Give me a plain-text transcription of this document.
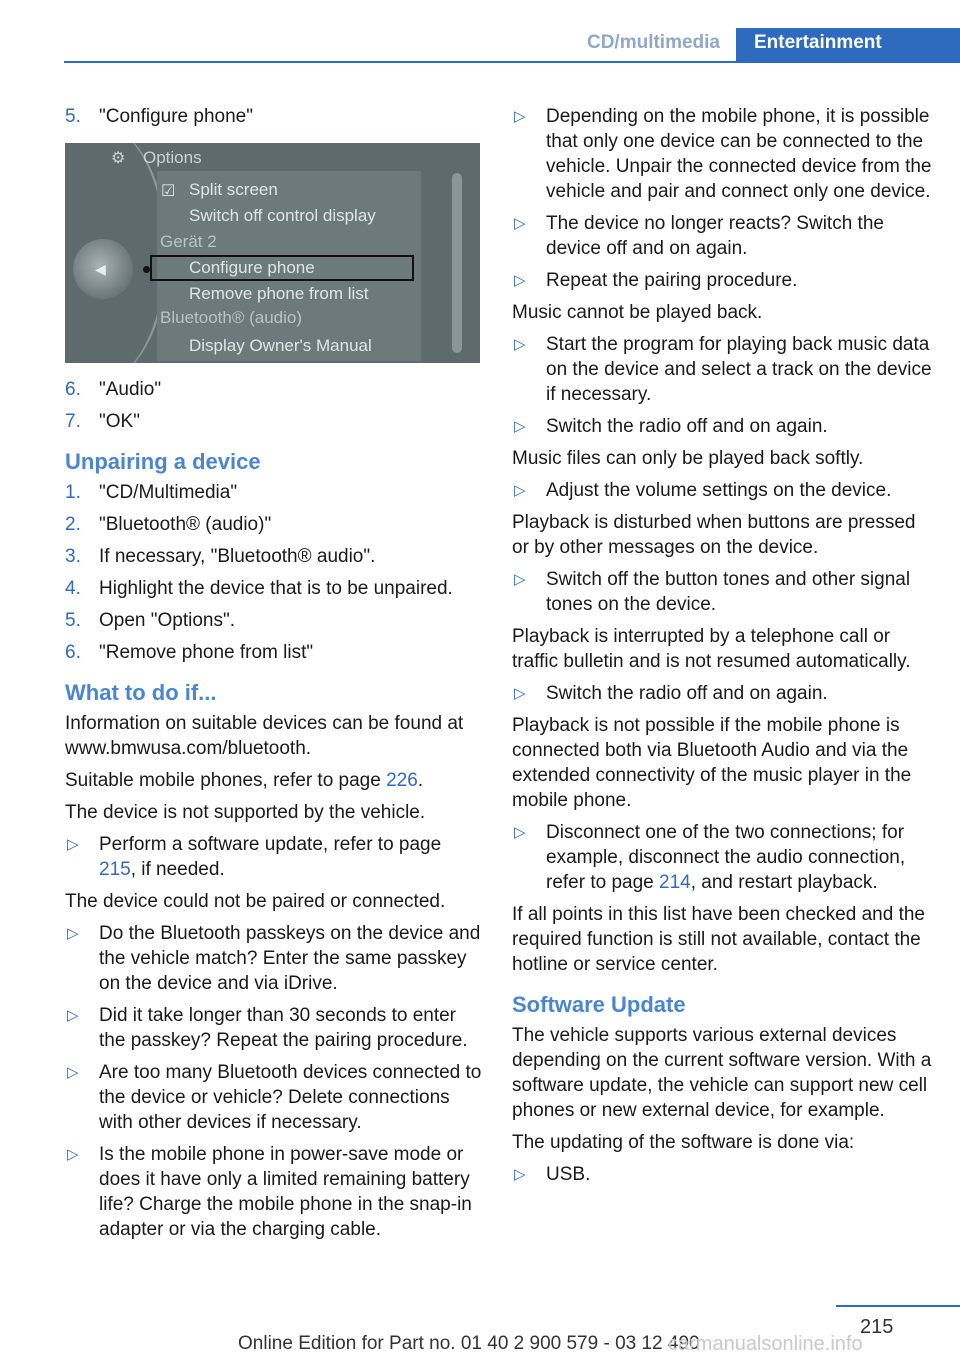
CD/multimedia	Entertainment
5. "Configure phone"
⚙ Options
☑ Split screen
Switch off control display
Gerät 2
Configure phone
Remove phone from list
Bluetooth® (audio)
Display Owner's Manual
◀
6. "Audio"
7. "OK"
Unpairing a device
1. "CD/Multimedia"
2. "Bluetooth® (audio)"
3. If necessary, "Bluetooth® audio".
4. Highlight the device that is to be unpaired.
5. Open "Options".
6. "Remove phone from list"
What to do if...
Information on suitable devices can be found at www.bmwusa.com/bluetooth.
Suitable mobile phones, refer to page 226.
The device is not supported by the vehicle.
▷ Perform a software update, refer to page 215, if needed.
The device could not be paired or connected.
▷ Do the Bluetooth passkeys on the device and the vehicle match? Enter the same passkey on the device and via iDrive.
▷ Did it take longer than 30 seconds to enter the passkey? Repeat the pairing procedure.
▷ Are too many Bluetooth devices connected to the device or vehicle? Delete connections with other devices if necessary.
▷ Is the mobile phone in power-save mode or does it have only a limited remaining battery life? Charge the mobile phone in the snap-in adapter or via the charging cable.
▷ Depending on the mobile phone, it is possible that only one device can be connected to the vehicle. Unpair the connected device from the vehicle and pair and connect only one device.
▷ The device no longer reacts? Switch the device off and on again.
▷ Repeat the pairing procedure.
Music cannot be played back.
▷ Start the program for playing back music data on the device and select a track on the device if necessary.
▷ Switch the radio off and on again.
Music files can only be played back softly.
▷ Adjust the volume settings on the device.
Playback is disturbed when buttons are pressed or by other messages on the device.
▷ Switch off the button tones and other signal tones on the device.
Playback is interrupted by a telephone call or traffic bulletin and is not resumed automatically.
▷ Switch the radio off and on again.
Playback is not possible if the mobile phone is connected both via Bluetooth Audio and via the extended connectivity of the music player in the mobile phone.
▷ Disconnect one of the two connections; for example, disconnect the audio connection, refer to page 214, and restart playback.
If all points in this list have been checked and the required function is still not available, contact the hotline or service center.
Software Update
The vehicle supports various external devices depending on the current software version. With a software update, the vehicle can support new cell phones or new external device, for example.
The updating of the software is done via:
▷ USB.
215
Online Edition for Part no. 01 40 2 900 579 - 03 12 490
carmanualsonline.info
